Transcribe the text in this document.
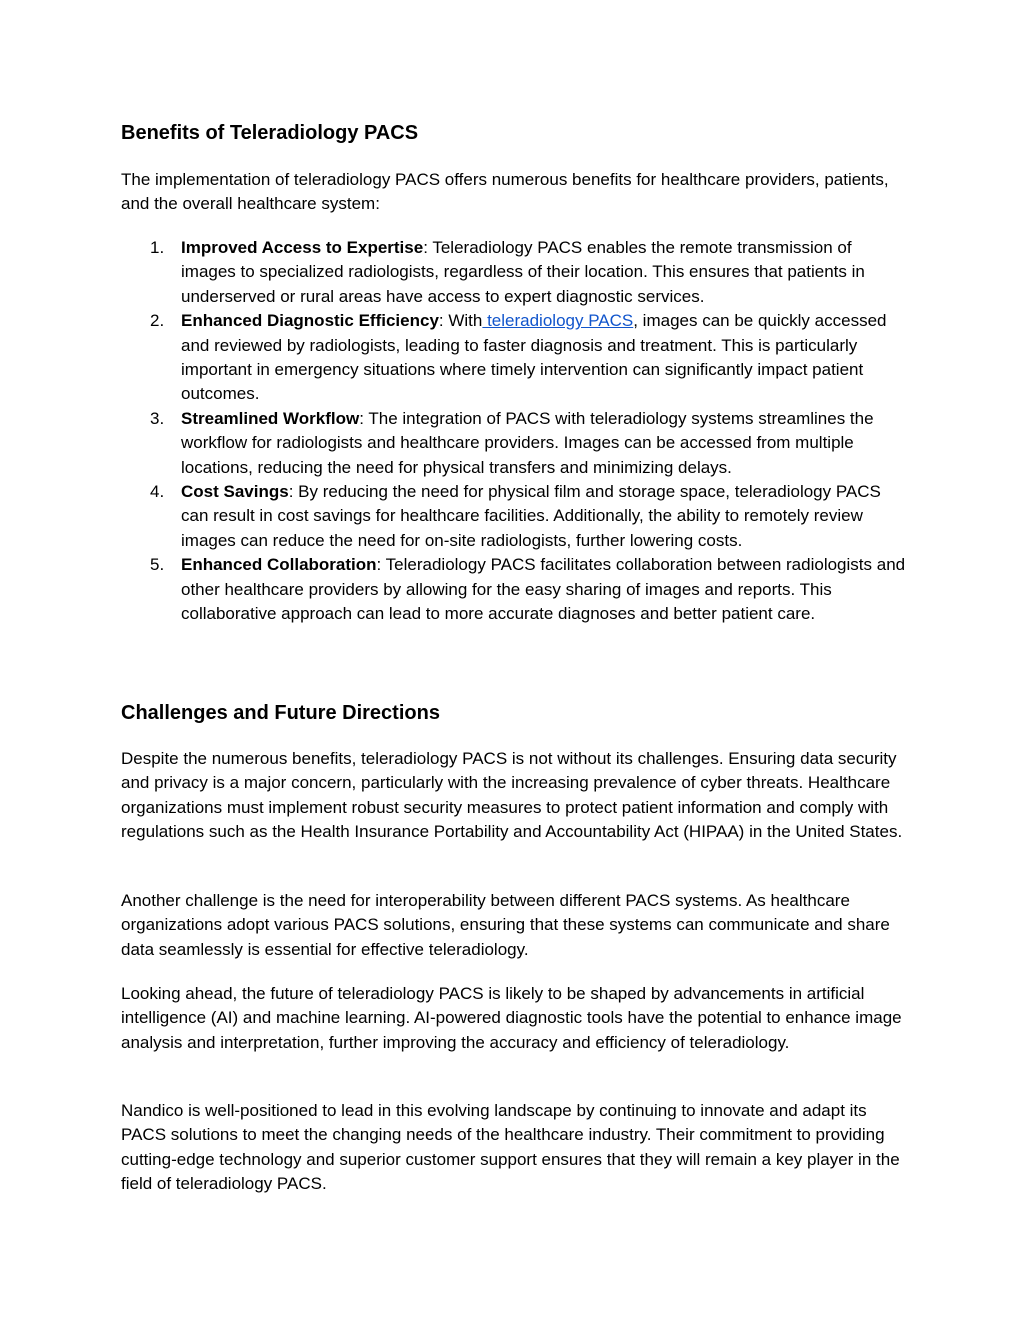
Benefits of Teleradiology PACS

The implementation of teleradiology PACS offers numerous benefits for healthcare providers, patients, and the overall healthcare system:

1. Improved Access to Expertise: Teleradiology PACS enables the remote transmission of images to specialized radiologists, regardless of their location. This ensures that patients in underserved or rural areas have access to expert diagnostic services.
2. Enhanced Diagnostic Efficiency: With teleradiology PACS, images can be quickly accessed and reviewed by radiologists, leading to faster diagnosis and treatment. This is particularly important in emergency situations where timely intervention can significantly impact patient outcomes.
3. Streamlined Workflow: The integration of PACS with teleradiology systems streamlines the workflow for radiologists and healthcare providers. Images can be accessed from multiple locations, reducing the need for physical transfers and minimizing delays.
4. Cost Savings: By reducing the need for physical film and storage space, teleradiology PACS can result in cost savings for healthcare facilities. Additionally, the ability to remotely review images can reduce the need for on-site radiologists, further lowering costs.
5. Enhanced Collaboration: Teleradiology PACS facilitates collaboration between radiologists and other healthcare providers by allowing for the easy sharing of images and reports. This collaborative approach can lead to more accurate diagnoses and better patient care.
Challenges and Future Directions

Despite the numerous benefits, teleradiology PACS is not without its challenges. Ensuring data security and privacy is a major concern, particularly with the increasing prevalence of cyber threats. Healthcare organizations must implement robust security measures to protect patient information and comply with regulations such as the Health Insurance Portability and Accountability Act (HIPAA) in the United States.

Another challenge is the need for interoperability between different PACS systems. As healthcare organizations adopt various PACS solutions, ensuring that these systems can communicate and share data seamlessly is essential for effective teleradiology.

Looking ahead, the future of teleradiology PACS is likely to be shaped by advancements in artificial intelligence (AI) and machine learning. AI-powered diagnostic tools have the potential to enhance image analysis and interpretation, further improving the accuracy and efficiency of teleradiology.

Nandico is well-positioned to lead in this evolving landscape by continuing to innovate and adapt its PACS solutions to meet the changing needs of the healthcare industry. Their commitment to providing cutting-edge technology and superior customer support ensures that they will remain a key player in the field of teleradiology PACS.
